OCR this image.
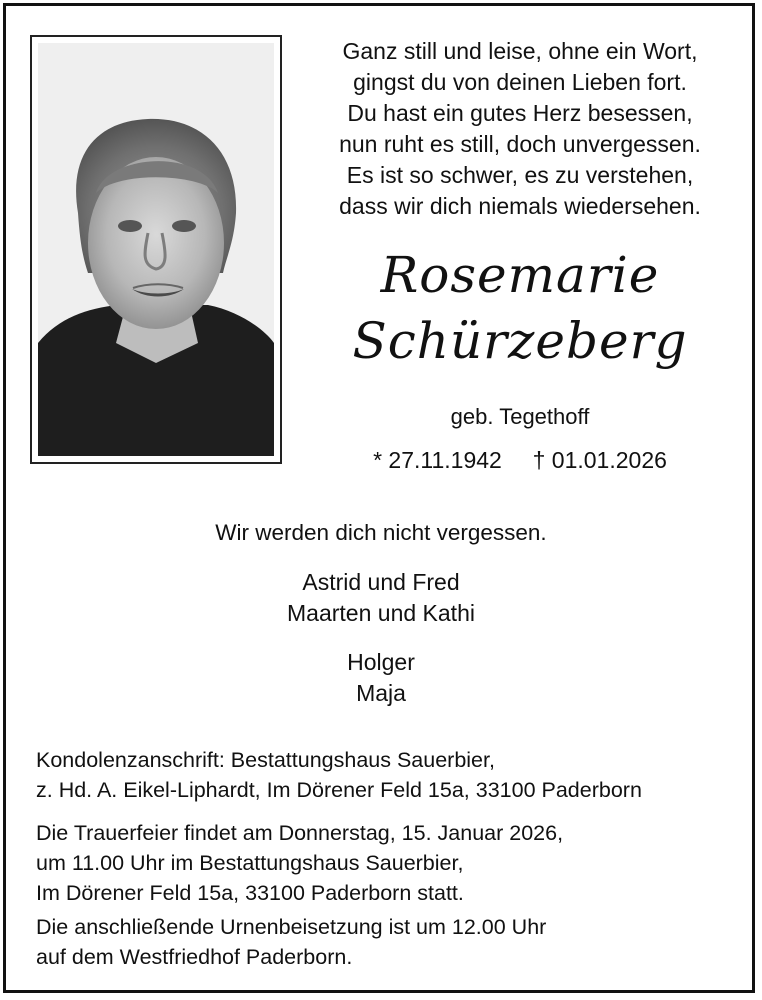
Ganz still und leise, ohne ein Wort,
gingst du von deinen Lieben fort.
Du hast ein gutes Herz besessen,
nun ruht es still, doch unvergessen.
Es ist so schwer, es zu verstehen,
dass wir dich niemals wiedersehen.
Rosemarie
Schürzeberg
geb. Tegethoff
* 27.11.1942 † 01.01.2026
Wir werden dich nicht vergessen.
Astrid und Fred
Maarten und Kathi
Holger
Maja
Kondolenzanschrift: Bestattungshaus Sauerbier,
z. Hd. A. Eikel-Liphardt, Im Dörener Feld 15a, 33100 Paderborn
Die Trauerfeier findet am Donnerstag, 15. Januar 2026,
um 11.00 Uhr im Bestattungshaus Sauerbier,
Im Dörener Feld 15a, 33100 Paderborn statt.
Die anschließende Urnenbeisetzung ist um 12.00 Uhr
auf dem Westfriedhof Paderborn.
